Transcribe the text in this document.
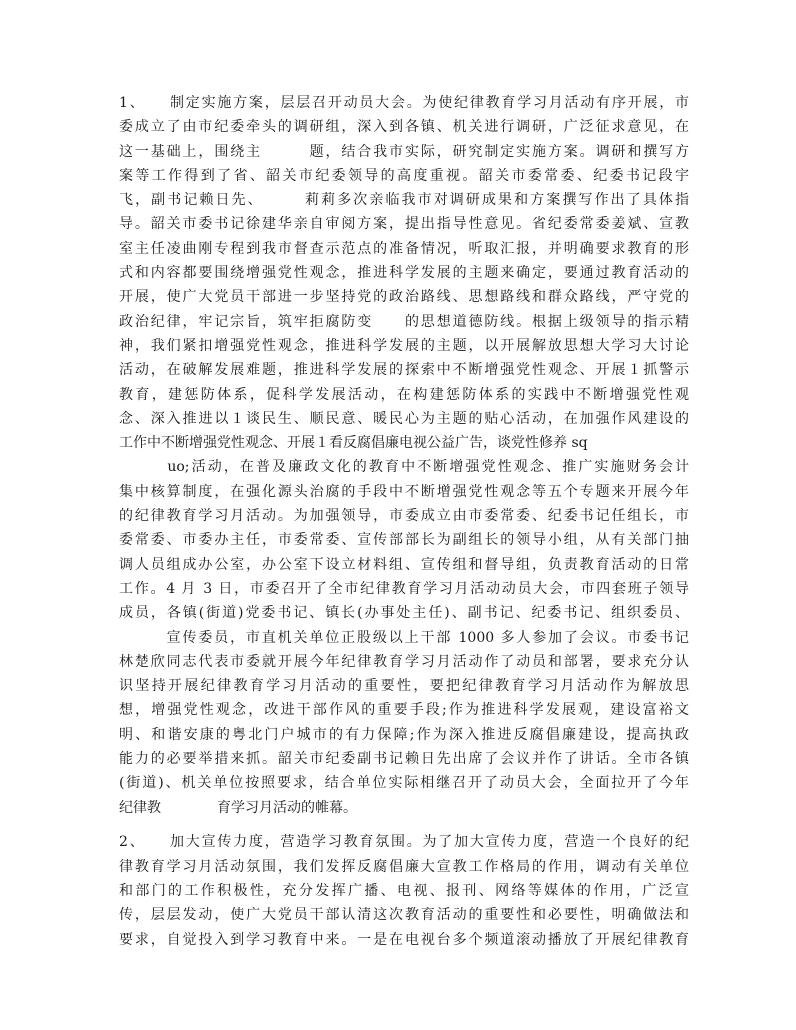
1、　　制定实施方案，层层召开动员大会。为使纪律教育学习月活动有序开展，市
委成立了由市纪委牵头的调研组，深入到各镇、机关进行调研，广泛征求意见，在
这一基础上，围绕主　　　题，结合我市实际，研究制定实施方案。调研和撰写方
案等工作得到了省、韶关市纪委领导的高度重视。韶关市委常委、纪委书记段宇
飞，副书记赖日先、　　　莉莉多次亲临我市对调研成果和方案撰写作出了具体指
导。韶关市委书记徐建华亲自审阅方案，提出指导性意见。省纪委常委姜斌、宣教
室主任凌曲刚专程到我市督查示范点的准备情况，听取汇报，并明确要求教育的形
式和内容都要围绕增强党性观念，推进科学发展的主题来确定，要通过教育活动的
开展，使广大党员干部进一步坚持党的政治路线、思想路线和群众路线，严守党的
政治纪律，牢记宗旨，筑牢拒腐防变　　的思想道德防线。根据上级领导的指示精
神，我们紧扣增强党性观念，推进科学发展的主题，以开展解放思想大学习大讨论
活动，在破解发展难题，推进科学发展的探索中不断增强党性观念、开展１抓警示
教育，建惩防体系，促科学发展活动，在构建惩防体系的实践中不断增强党性观
念、深入推进以１谈民生、顺民意、暖民心为主题的贴心活动，在加强作风建设的
工作中不断增强党性观念、开展１看反腐倡廉电视公益广告，谈党性修养 sq
　　　uo;活动，在普及廉政文化的教育中不断增强党性观念、推广实施财务会计
集中核算制度，在强化源头治腐的手段中不断增强党性观念等五个专题来开展今年
的纪律教育学习月活动。为加强领导，市委成立由市委常委、纪委书记任组长，市
委常委、市委办主任，市委常委、宣传部部长为副组长的领导小组，从有关部门抽
调人员组成办公室，办公室下设立材料组、宣传组和督导组，负责教育活动的日常
工作。4 月 3 日，市委召开了全市纪律教育学习月活动动员大会，市四套班子领导
成员，各镇(街道)党委书记、镇长(办事处主任)、副书记、纪委书记、组织委员、
　　　宣传委员，市直机关单位正股级以上干部 1000 多人参加了会议。市委书记
林楚欣同志代表市委就开展今年纪律教育学习月活动作了动员和部署，要求充分认
识坚持开展纪律教育学习月活动的重要性，要把纪律教育学习月活动作为解放思
想，增强党性观念，改进干部作风的重要手段;作为推进科学发展观，建设富裕文
明、和谐安康的粤北门户城市的有力保障;作为深入推进反腐倡廉建设，提高执政
能力的必要举措来抓。韶关市纪委副书记赖日先出席了会议并作了讲话。全市各镇
(街道)、机关单位按照要求，结合单位实际相继召开了动员大会，全面拉开了今年
纪律教　　　　育学习月活动的帷幕。
2、　　加大宣传力度，营造学习教育氛围。为了加大宣传力度，营造一个良好的纪
律教育学习月活动氛围，我们发挥反腐倡廉大宣教工作格局的作用，调动有关单位
和部门的工作积极性，充分发挥广播、电视、报刊、网络等媒体的作用，广泛宣
传，层层发动，使广大党员干部认清这次教育活动的重要性和必要性，明确做法和
要求，自觉投入到学习教育中来。一是在电视台多个频道滚动播放了开展纪律教育
